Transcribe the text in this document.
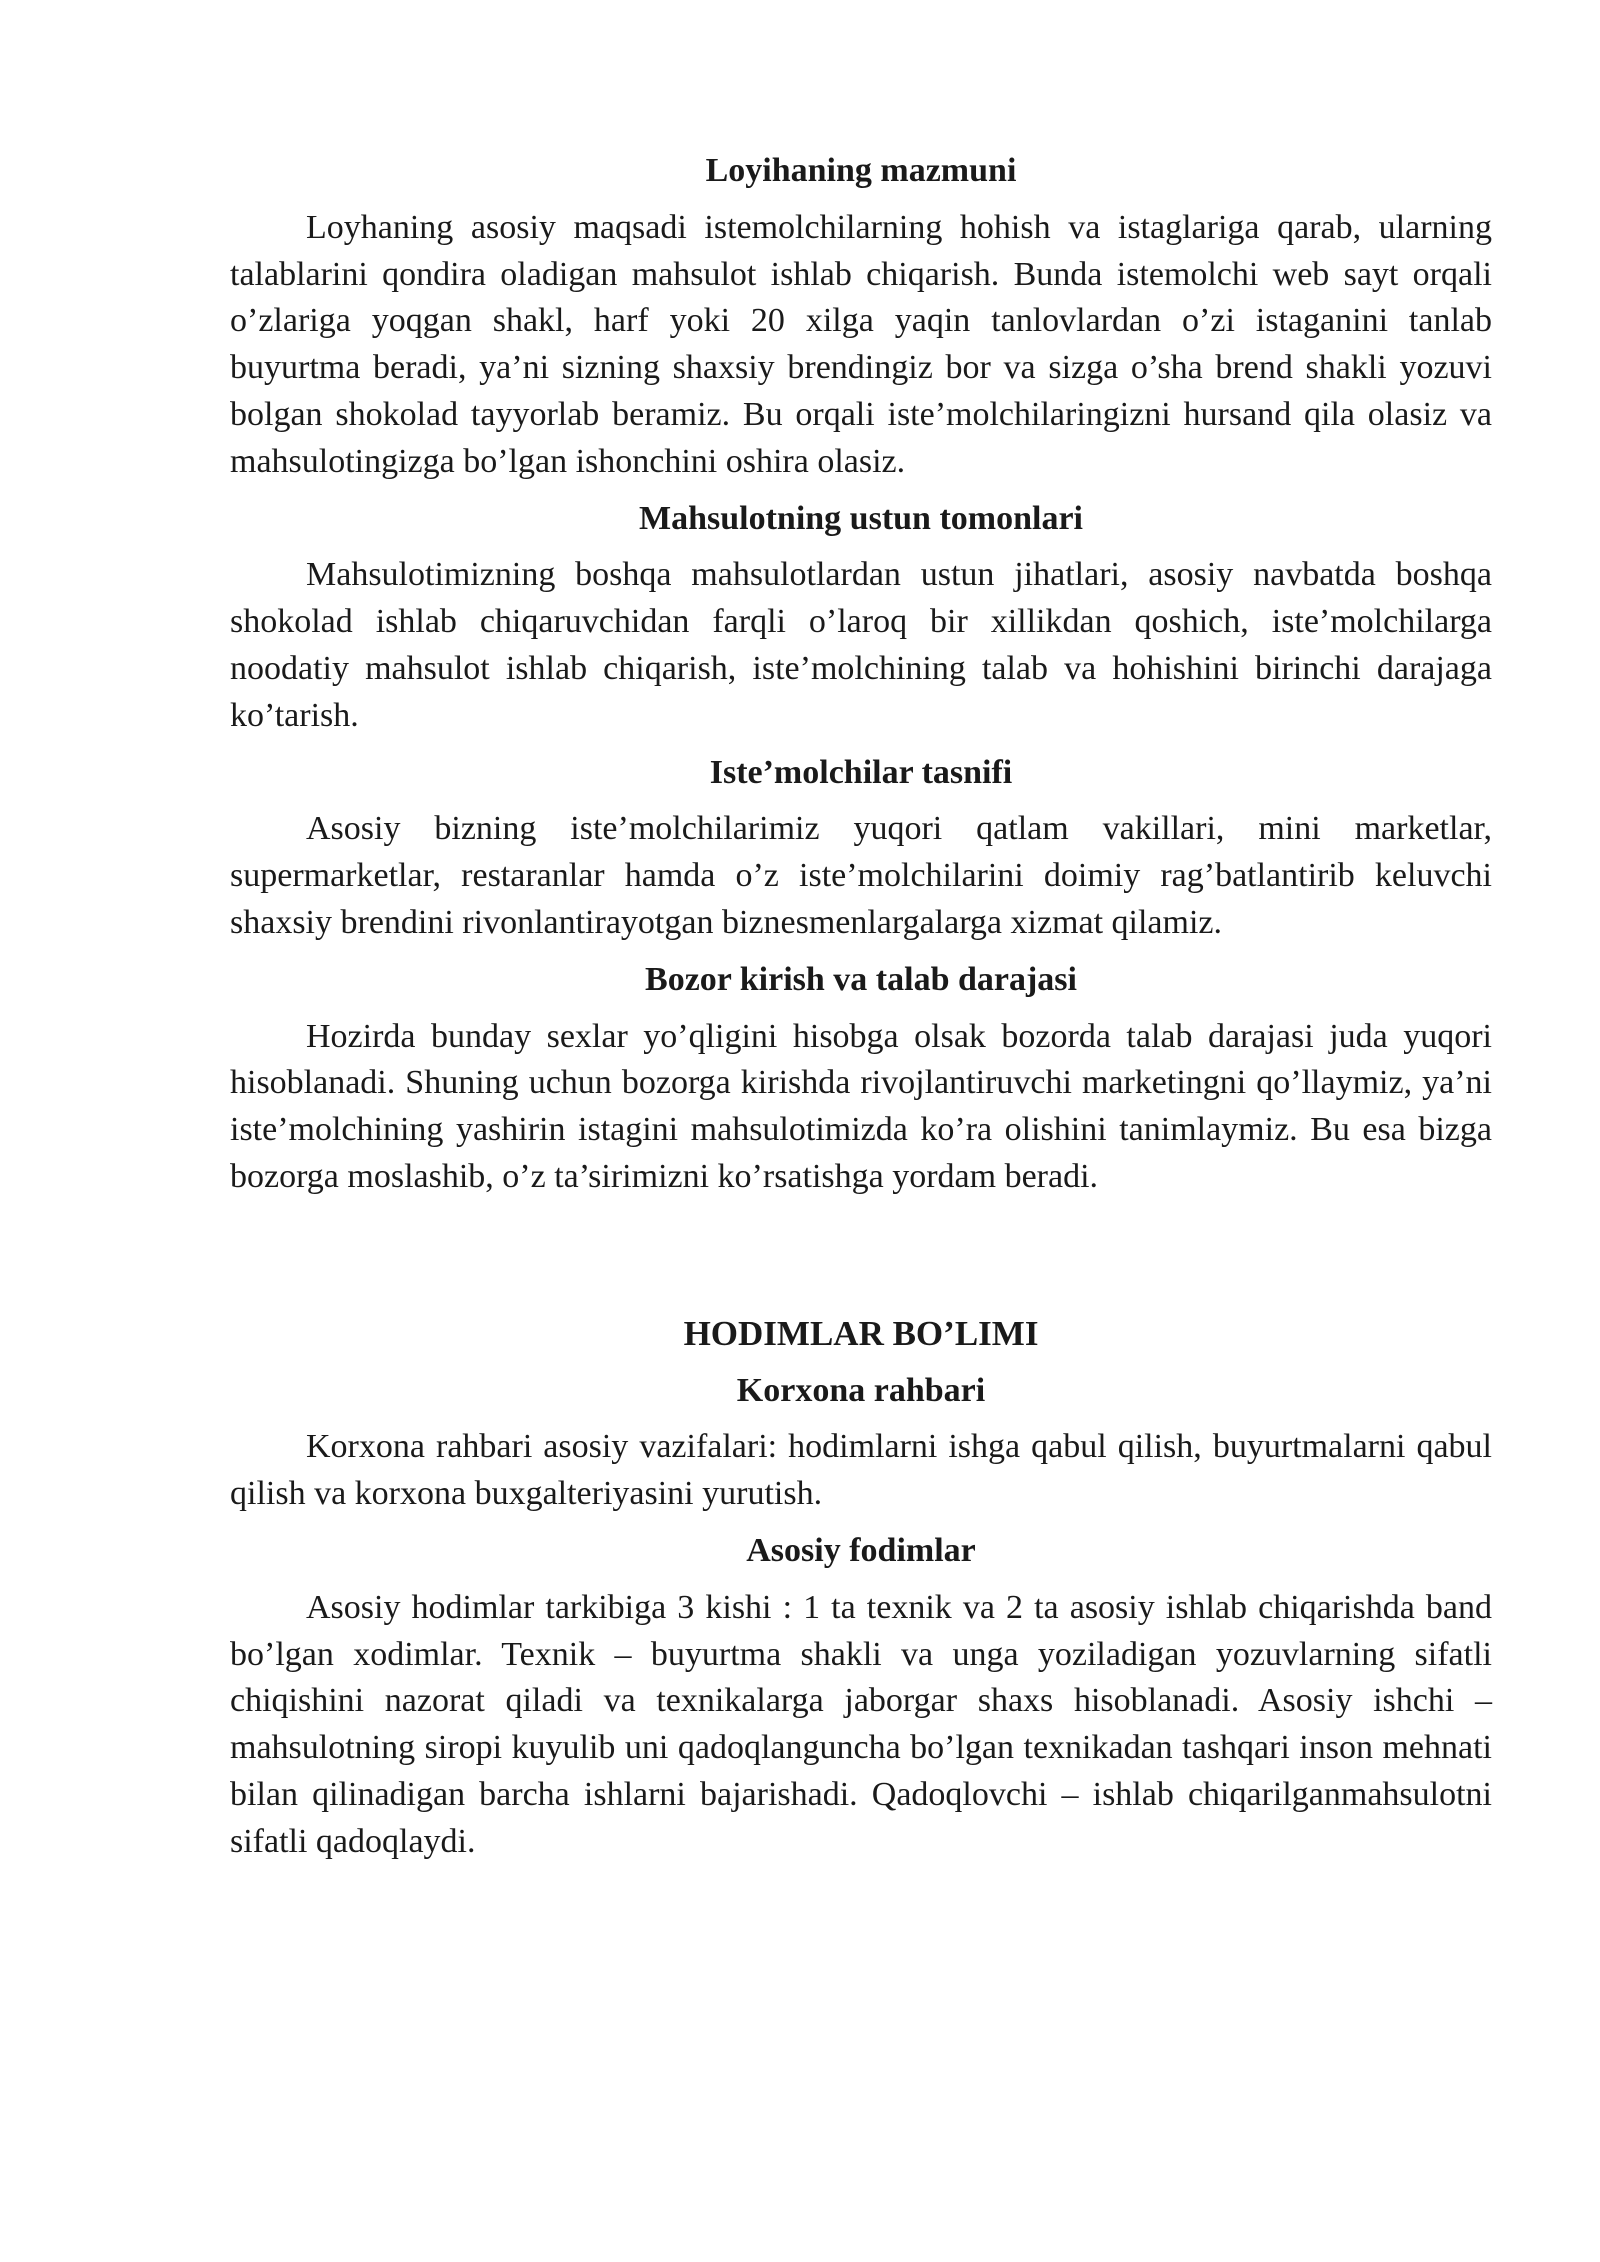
Loyihaning mazmuni

Loyhaning asosiy maqsadi istemolchilarning hohish va istaglariga qarab, ularning talablarini qondira oladigan mahsulot ishlab chiqarish. Bunda istemolchi web sayt orqali o’zlariga yoqgan shakl, harf yoki 20 xilga yaqin tanlovlardan o’zi istaganini tanlab buyurtma beradi, ya’ni sizning shaxsiy brendingiz bor va sizga o’sha brend shakli yozuvi bolgan shokolad tayyorlab beramiz. Bu orqali iste’molchilaringizni hursand qila olasiz va mahsulotingizga bo’lgan ishonchini oshira olasiz.

Mahsulotning ustun tomonlari

Mahsulotimizning boshqa mahsulotlardan ustun jihatlari, asosiy navbatda boshqa shokolad ishlab chiqaruvchidan farqli o’laroq bir xillikdan qoshich, iste’molchilarga noodatiy mahsulot ishlab chiqarish, iste’molchining talab va hohishini birinchi darajaga ko’tarish.

Iste’molchilar tasnifi

Asosiy bizning iste’molchilarimiz yuqori qatlam vakillari, mini marketlar, supermarketlar, restaranlar hamda o’z iste’molchilarini doimiy rag’batlantirib keluvchi shaxsiy brendini rivonlantirayotgan biznesmenlargalarga xizmat qilamiz.

Bozor kirish va talab darajasi

Hozirda bunday sexlar yo’qligini hisobga olsak bozorda talab darajasi juda yuqori hisoblanadi. Shuning uchun bozorga kirishda rivojlantiruvchi marketingni qo’llaymiz, ya’ni iste’molchining yashirin istagini mahsulotimizda ko’ra olishini tanimlaymiz. Bu esa bizga bozorga moslashib, o’z ta’sirimizni ko’rsatishga yordam beradi.

HODIMLAR BO’LIMI
Korxona rahbari

Korxona rahbari asosiy vazifalari: hodimlarni ishga qabul qilish, buyurtmalarni qabul qilish va korxona buxgalteriyasini yurutish.

Asosiy fodimlar

Asosiy hodimlar tarkibiga 3 kishi : 1 ta texnik va 2 ta asosiy ishlab chiqarishda band bo’lgan xodimlar. Texnik – buyurtma shakli va unga yoziladigan yozuvlarning sifatli chiqishini nazorat qiladi va texnikalarga jaborgar shaxs hisoblanadi. Asosiy ishchi – mahsulotning siropi kuyulib uni qadoqlanguncha bo’lgan texnikadan tashqari inson mehnati bilan qilinadigan barcha ishlarni bajarishadi. Qadoqlovchi – ishlab chiqarilganmahsulotni sifatli qadoqlaydi.
